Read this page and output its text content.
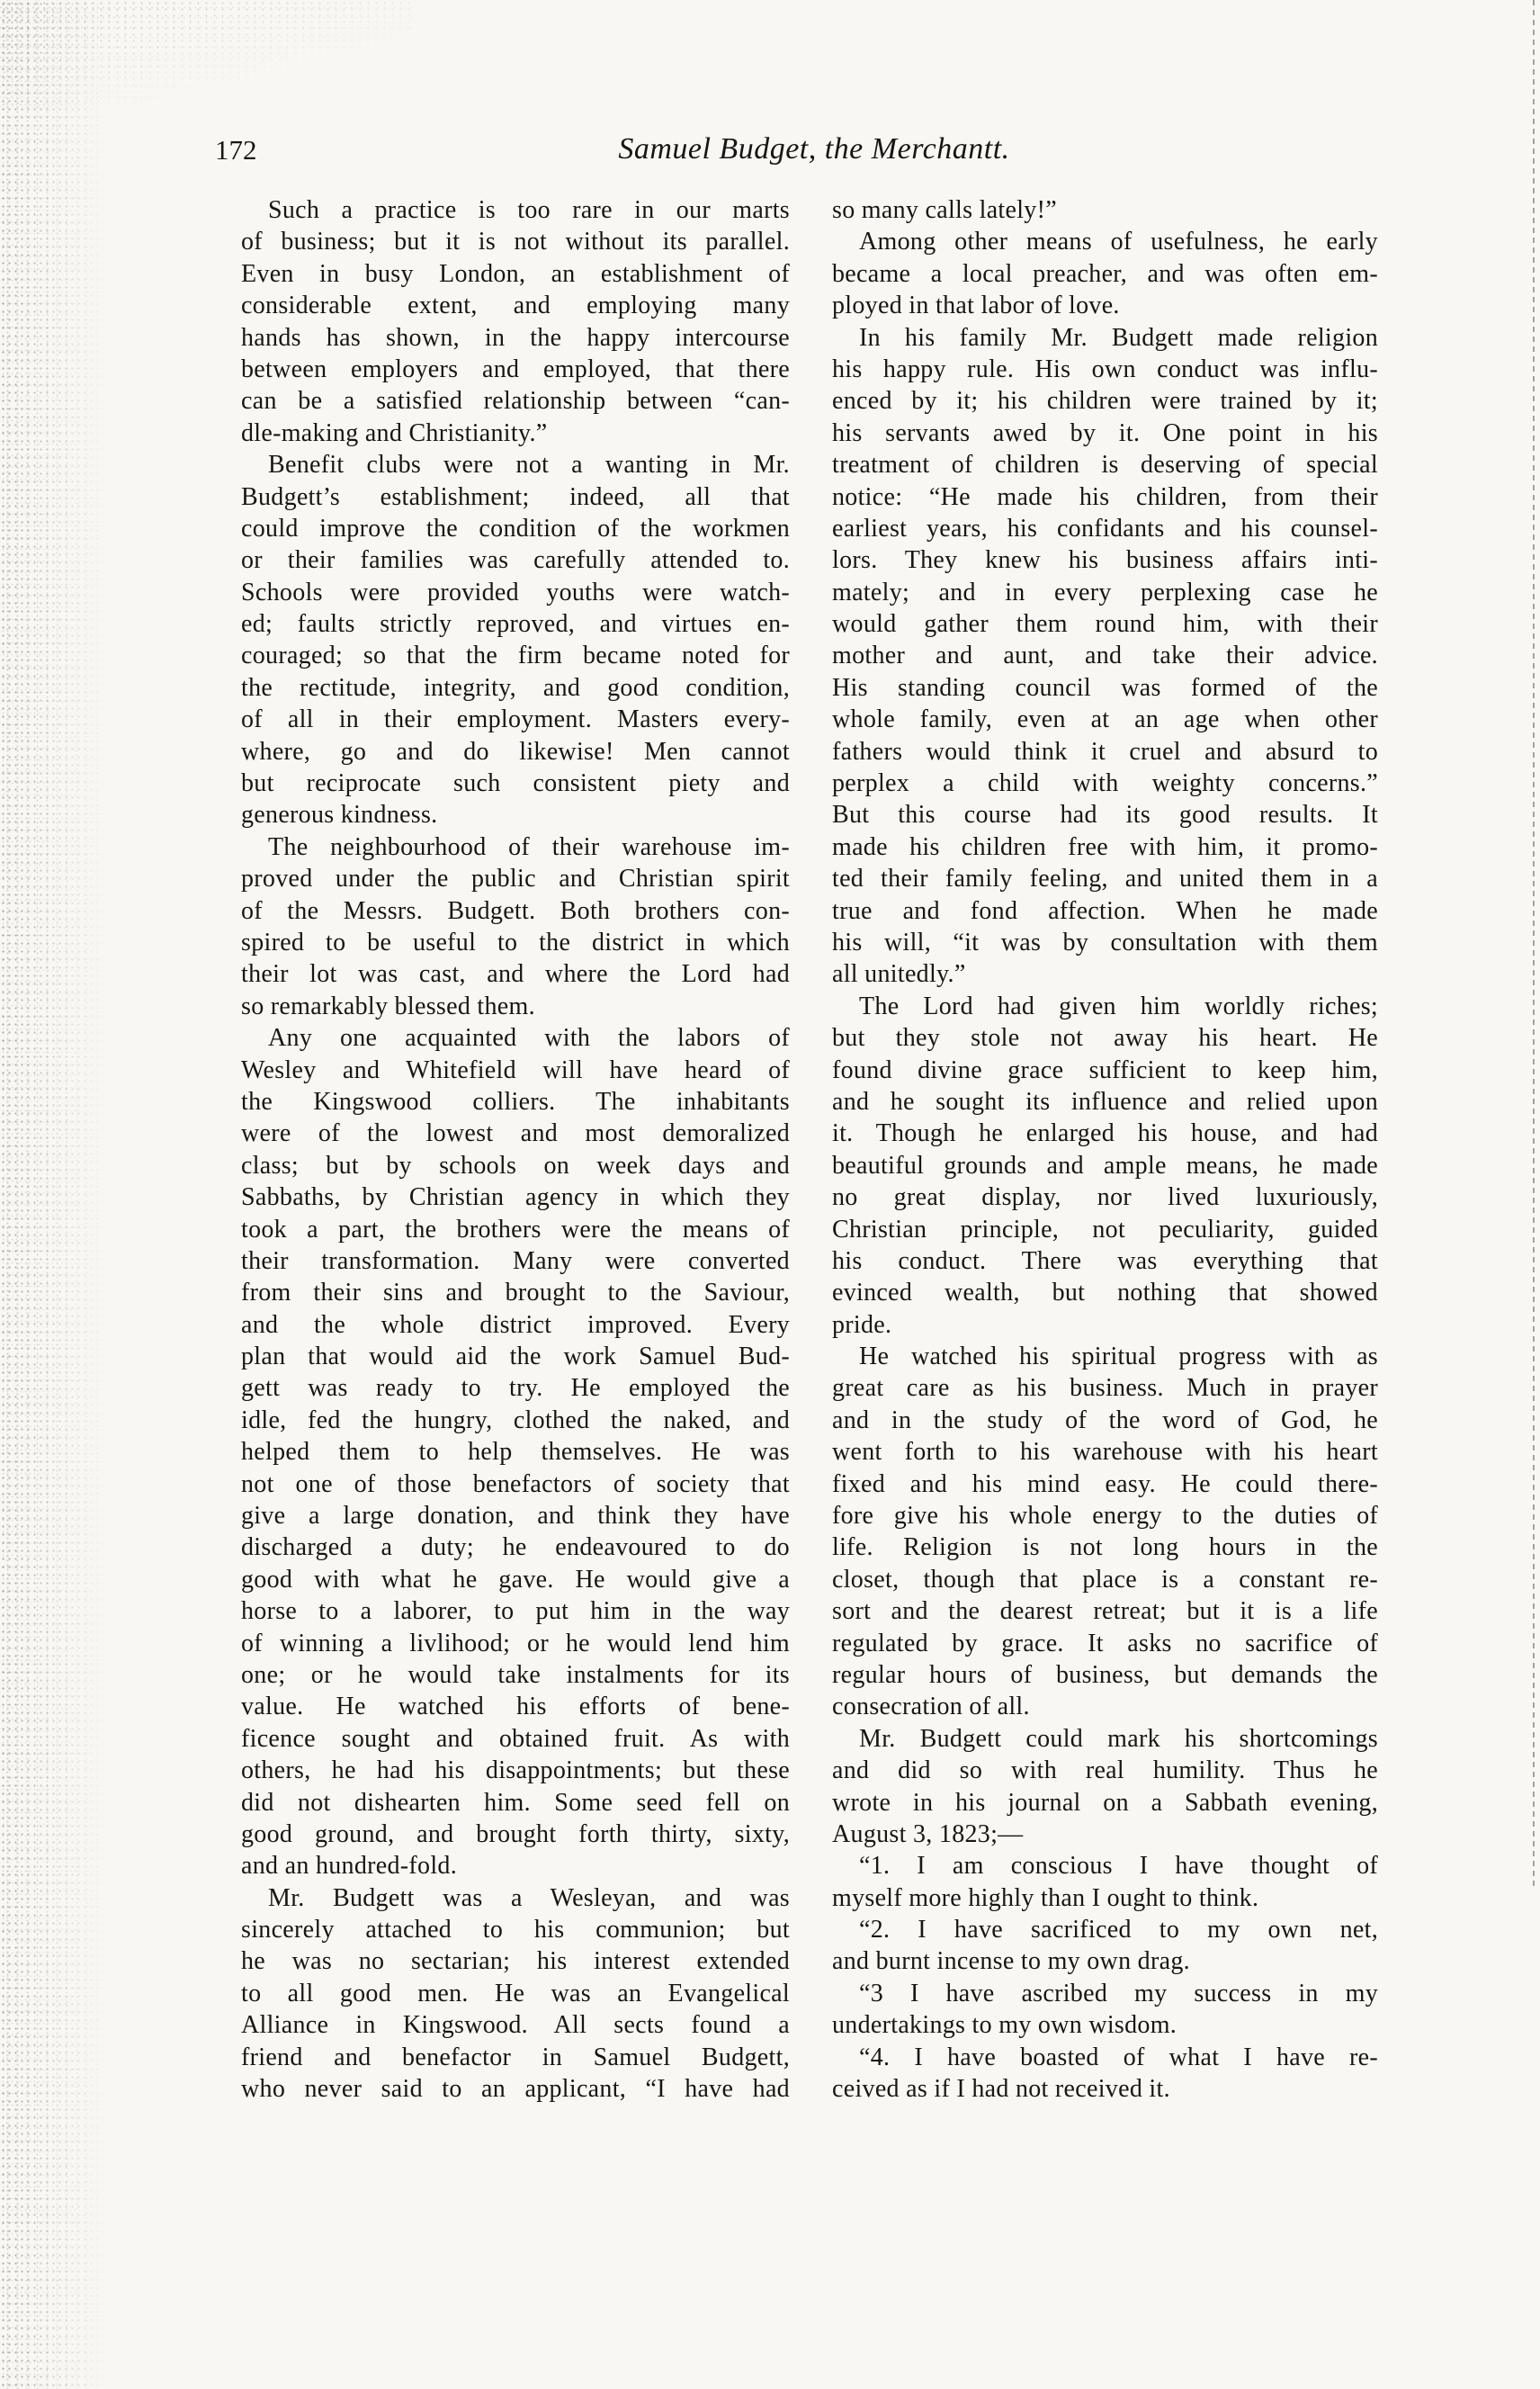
172	Samuel Budget, the Merchantt.
Such a practice is too rare in our marts
of business; but it is not without its parallel.
Even in busy London, an establishment of
considerable extent, and employing many
hands has shown, in the happy intercourse
between employers and employed, that there
can be a satisfied relationship between “can-
dle-making and Christianity.”
Benefit clubs were not a wanting in Mr.
Budgett’s establishment; indeed, all that
could improve the condition of the workmen
or their families was carefully attended to.
Schools were provided youths were watch-
ed; faults strictly reproved, and virtues en-
couraged; so that the firm became noted for
the rectitude, integrity, and good condition,
of all in their employment. Masters every-
where, go and do likewise! Men cannot
but reciprocate such consistent piety and
generous kindness.
The neighbourhood of their warehouse im-
proved under the public and Christian spirit
of the Messrs. Budgett. Both brothers con-
spired to be useful to the district in which
their lot was cast, and where the Lord had
so remarkably blessed them.
Any one acquainted with the labors of
Wesley and Whitefield will have heard of
the Kingswood colliers. The inhabitants
were of the lowest and most demoralized
class; but by schools on week days and
Sabbaths, by Christian agency in which they
took a part, the brothers were the means of
their transformation. Many were converted
from their sins and brought to the Saviour,
and the whole district improved. Every
plan that would aid the work Samuel Bud-
gett was ready to try. He employed the
idle, fed the hungry, clothed the naked, and
helped them to help themselves. He was
not one of those benefactors of society that
give a large donation, and think they have
discharged a duty; he endeavoured to do
good with what he gave. He would give a
horse to a laborer, to put him in the way
of winning a livlihood; or he would lend him
one; or he would take instalments for its
value. He watched his efforts of bene-
ficence sought and obtained fruit. As with
others, he had his disappointments; but these
did not dishearten him. Some seed fell on
good ground, and brought forth thirty, sixty,
and an hundred-fold.
Mr. Budgett was a Wesleyan, and was
sincerely attached to his communion; but
he was no sectarian; his interest extended
to all good men. He was an Evangelical
Alliance in Kingswood. All sects found a
friend and benefactor in Samuel Budgett,
who never said to an applicant, “I have had
so many calls lately!”
Among other means of usefulness, he early
became a local preacher, and was often em-
ployed in that labor of love.
In his family Mr. Budgett made religion
his happy rule. His own conduct was influ-
enced by it; his children were trained by it;
his servants awed by it. One point in his
treatment of children is deserving of special
notice: “He made his children, from their
earliest years, his confidants and his counsel-
lors. They knew his business affairs inti-
mately; and in every perplexing case he
would gather them round him, with their
mother and aunt, and take their advice.
His standing council was formed of the
whole family, even at an age when other
fathers would think it cruel and absurd to
perplex a child with weighty concerns.”
But this course had its good results. It
made his children free with him, it promo-
ted their family feeling, and united them in a
true and fond affection. When he made
his will, “it was by consultation with them
all unitedly.”
The Lord had given him worldly riches;
but they stole not away his heart. He
found divine grace sufficient to keep him,
and he sought its influence and relied upon
it. Though he enlarged his house, and had
beautiful grounds and ample means, he made
no great display, nor lived luxuriously,
Christian principle, not peculiarity, guided
his conduct. There was everything that
evinced wealth, but nothing that showed
pride.
He watched his spiritual progress with as
great care as his business. Much in prayer
and in the study of the word of God, he
went forth to his warehouse with his heart
fixed and his mind easy. He could there-
fore give his whole energy to the duties of
life. Religion is not long hours in the
closet, though that place is a constant re-
sort and the dearest retreat; but it is a life
regulated by grace. It asks no sacrifice of
regular hours of business, but demands the
consecration of all.
Mr. Budgett could mark his shortcomings
and did so with real humility. Thus he
wrote in his journal on a Sabbath evening,
August 3, 1823;—
“1. I am conscious I have thought of
myself more highly than I ought to think.
“2. I have sacrificed to my own net,
and burnt incense to my own drag.
“3 I have ascribed my success in my
undertakings to my own wisdom.
“4. I have boasted of what I have re-
ceived as if I had not received it.
